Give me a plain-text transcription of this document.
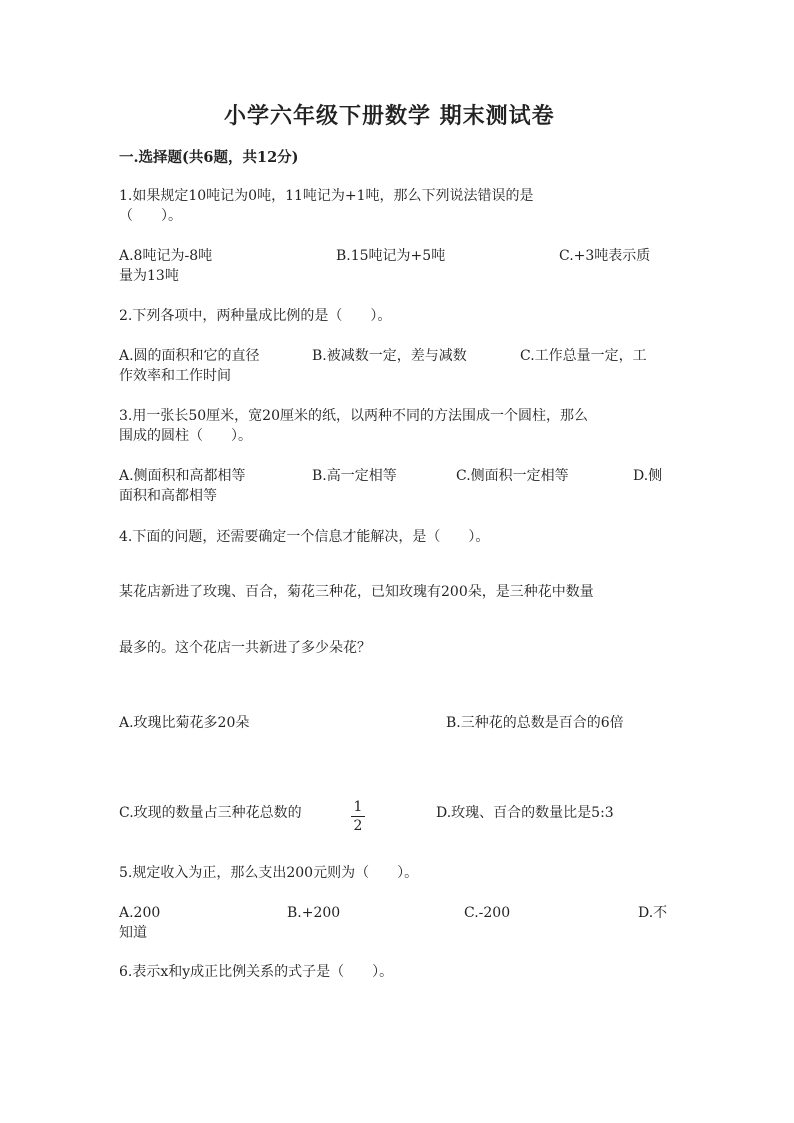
小学六年级下册数学 期末测试卷
一.选择题(共6题，共12分)
1.如果规定10吨记为0吨，11吨记为+1吨，那么下列说法错误的是
（　　）。
A.8吨记为-8吨	B.15吨记为+5吨	C.+3吨表示质
量为13吨
2.下列各项中，两种量成比例的是（　　）。
A.圆的面积和它的直径	B.被减数一定，差与减数	C.工作总量一定，工
作效率和工作时间
3.用一张长50厘米，宽20厘米的纸，以两种不同的方法围成一个圆柱，那么
围成的圆柱（　　）。
A.侧面积和高都相等	B.高一定相等	C.侧面积一定相等	D.侧
面积和高都相等
4.下面的问题，还需要确定一个信息才能解决，是（　　）。
某花店新进了玫瑰、百合，菊花三种花，已知玫瑰有200朵，是三种花中数量
最多的。这个花店一共新进了多少朵花？
A.玫瑰比菊花多20朵	B.三种花的总数是百合的6倍
C.玫现的数量占三种花总数的	1
2
D.玫瑰、百合的数量比是5:3
5.规定收入为正，那么支出200元则为（　　）。
A.200	B.+200	C.-200	D.不
知道
6.表示x和y成正比例关系的式子是（　　）。
